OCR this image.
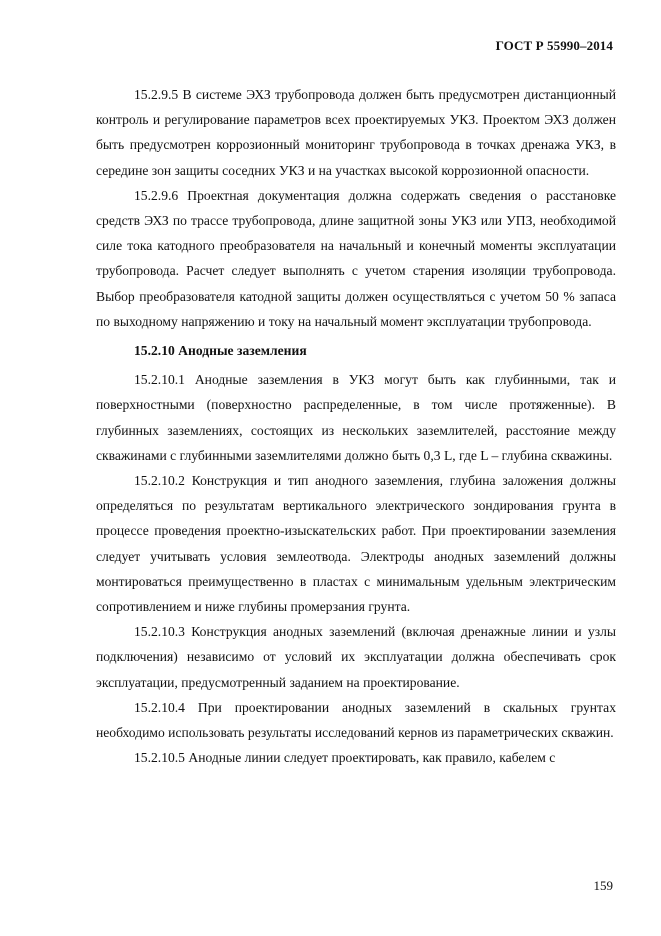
ГОСТ Р 55990–2014

15.2.9.5 В системе ЭХЗ трубопровода должен быть предусмотрен дистанционный контроль и регулирование параметров всех проектируемых УКЗ. Проектом ЭХЗ должен быть предусмотрен коррозионный мониторинг трубопровода в точках дренажа УКЗ, в середине зон защиты соседних УКЗ и на участках высокой коррозионной опасности.

15.2.9.6 Проектная документация должна содержать сведения о расстановке средств ЭХЗ по трассе трубопровода, длине защитной зоны УКЗ или УПЗ, необходимой силе тока катодного преобразователя на начальный и конечный моменты эксплуатации трубопровода. Расчет следует выполнять с учетом старения изоляции трубопровода. Выбор преобразователя катодной защиты должен осуществляться с учетом 50 % запаса по выходному напряжению и току на начальный момент эксплуатации трубопровода.

15.2.10 Анодные заземления

15.2.10.1 Анодные заземления в УКЗ могут быть как глубинными, так и поверхностными (поверхностно распределенные, в том числе протяженные). В глубинных заземлениях, состоящих из нескольких заземлителей, расстояние между скважинами с глубинными заземлителями должно быть 0,3 L, где L – глубина скважины.

15.2.10.2 Конструкция и тип анодного заземления, глубина заложения должны определяться по результатам вертикального электрического зондирования грунта в процессе проведения проектно-изыскательских работ. При проектировании заземления следует учитывать условия землеотвода. Электроды анодных заземлений должны монтироваться преимущественно в пластах с минимальным удельным электрическим сопротивлением и ниже глубины промерзания грунта.

15.2.10.3 Конструкция анодных заземлений (включая дренажные линии и узлы подключения) независимо от условий их эксплуатации должна обеспечивать срок эксплуатации, предусмотренный заданием на проектирование.

15.2.10.4 При проектировании анодных заземлений в скальных грунтах необходимо использовать результаты исследований кернов из параметрических скважин.

15.2.10.5 Анодные линии следует проектировать, как правило, кабелем с

159
